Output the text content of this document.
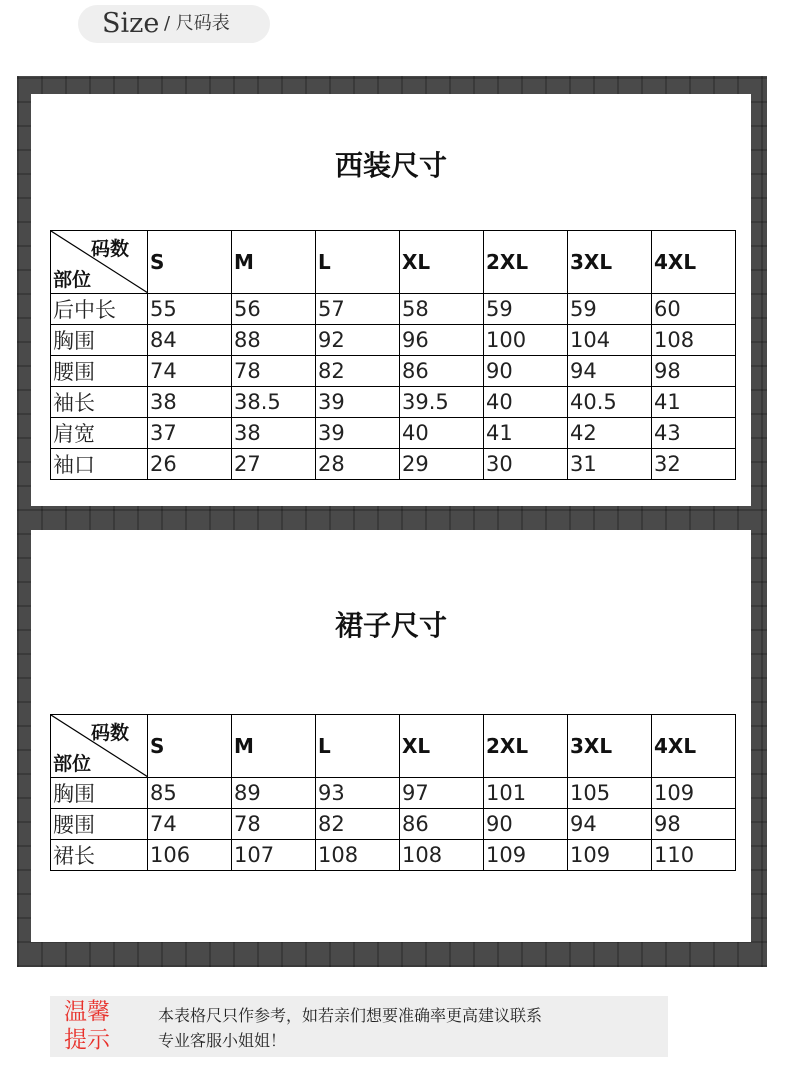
Size / 尺码表
西装尺寸
码数
部位	S	M	L	XL	2XL	3XL	4XL
后中长	55	56	57	58	59	59	60
胸围	84	88	92	96	100	104	108
腰围	74	78	82	86	90	94	98
袖长	38	38.5	39	39.5	40	40.5	41
肩宽	37	38	39	40	41	42	43
袖口	26	27	28	29	30	31	32
裙子尺寸
码数
部位	S	M	L	XL	2XL	3XL	4XL
胸围	85	89	93	97	101	105	109
腰围	74	78	82	86	90	94	98
裙长	106	107	108	108	109	109	110
温馨
提示
本表格尺只作参考，如若亲们想要准确率更高建议联系
专业客服小姐姐！
